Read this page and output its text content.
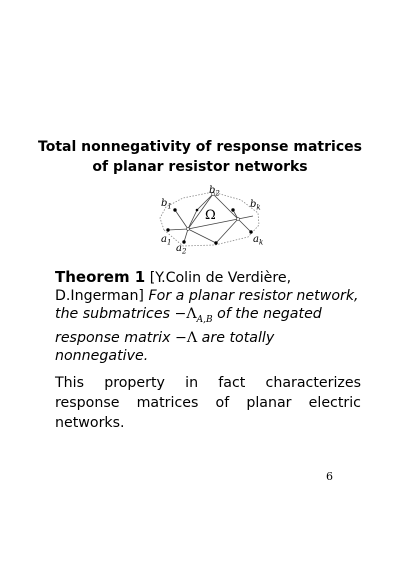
Total nonnegativity of response matrices
of planar resistor networks
Ω
$b_2$
$b_1$	$b_k$
$a_1$
$a_2$
$a_k$
Theorem 1 [Y.Colin de Verdière, D.Ingerman] For a planar resistor network, the submatrices $-\Lambda_{A,B}$ of the negated response matrix −Λ are totally nonnegative.
This property in fact characterizes response matrices of planar electric networks.
6
